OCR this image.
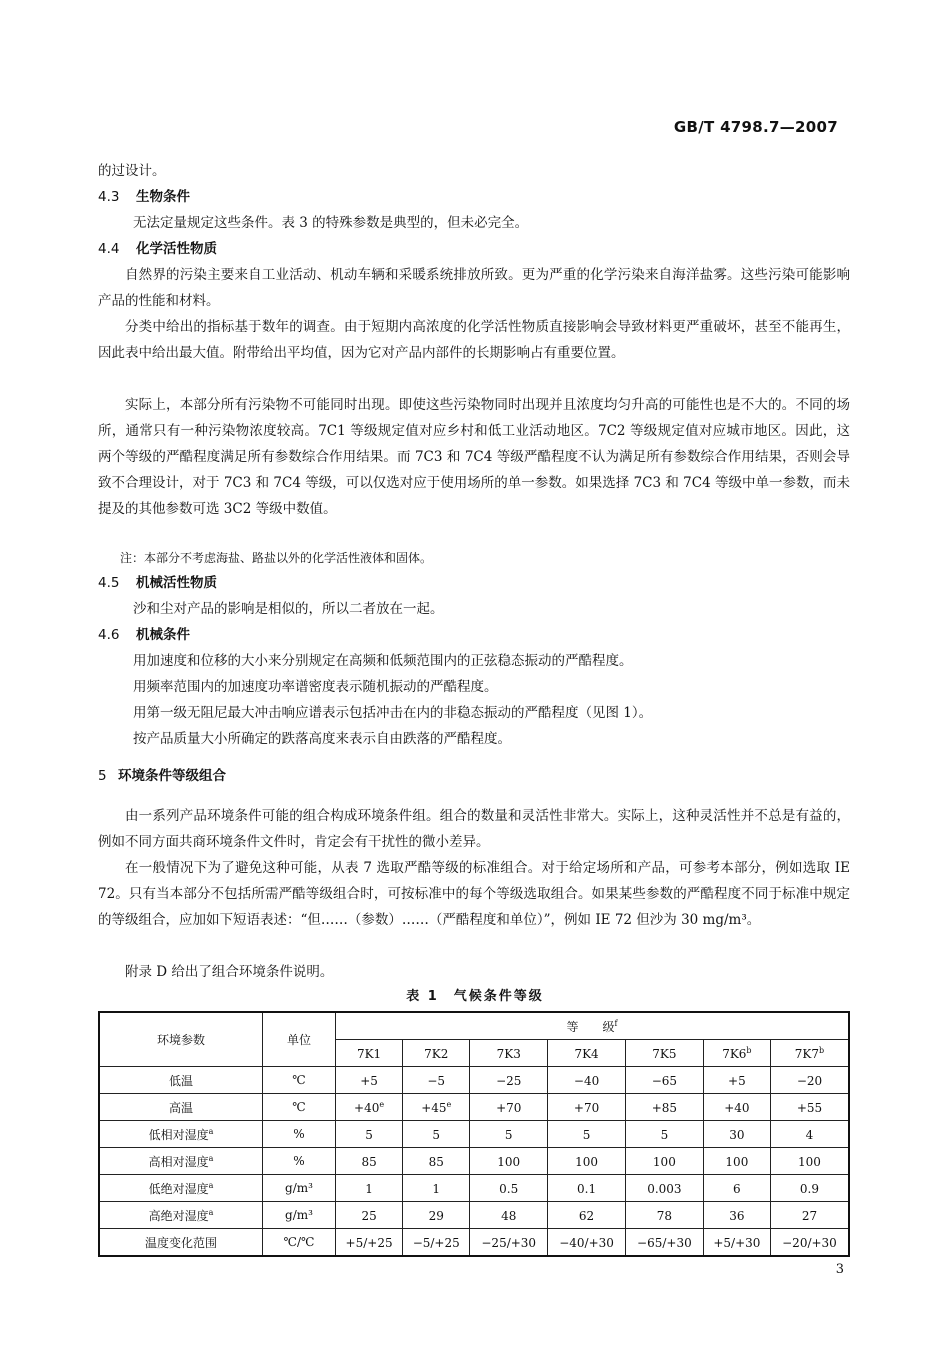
GB/T 4798.7—2007

的过设计。

4.3 生物条件

无法定量规定这些条件。表 3 的特殊参数是典型的，但未必完全。

4.4 化学活性物质

自然界的污染主要来自工业活动、机动车辆和采暖系统排放所致。更为严重的化学污染来自海洋盐雾。这些污染可能影响产品的性能和材料。

分类中给出的指标基于数年的调查。由于短期内高浓度的化学活性物质直接影响会导致材料更严重破坏，甚至不能再生，因此表中给出最大值。附带给出平均值，因为它对产品内部件的长期影响占有重要位置。

实际上，本部分所有污染物不可能同时出现。即使这些污染物同时出现并且浓度均匀升高的可能性也是不大的。不同的场所，通常只有一种污染物浓度较高。7C1 等级规定值对应乡村和低工业活动地区。7C2 等级规定值对应城市地区。因此，这两个等级的严酷程度满足所有参数综合作用结果。而 7C3 和 7C4 等级严酷程度不认为满足所有参数综合作用结果，否则会导致不合理设计，对于 7C3 和 7C4 等级，可以仅选对应于使用场所的单一参数。如果选择 7C3 和 7C4 等级中单一参数，而未提及的其他参数可选 3C2 等级中数值。

注：本部分不考虑海盐、路盐以外的化学活性液体和固体。
4.5 机械活性物质

沙和尘对产品的影响是相似的，所以二者放在一起。

4.6 机械条件

用加速度和位移的大小来分别规定在高频和低频范围内的正弦稳态振动的严酷程度。

用频率范围内的加速度功率谱密度表示随机振动的严酷程度。

用第一级无阻尼最大冲击响应谱表示包括冲击在内的非稳态振动的严酷程度（见图 1）。

按产品质量大小所确定的跌落高度来表示自由跌落的严酷程度。

5 环境条件等级组合

由一系列产品环境条件可能的组合构成环境条件组。组合的数量和灵活性非常大。实际上，这种灵活性并不总是有益的，例如不同方面共商环境条件文件时，肯定会有干扰性的微小差异。

在一般情况下为了避免这种可能，从表 7 选取严酷等级的标准组合。对于给定场所和产品，可参考本部分，例如选取 IE 72。只有当本部分不包括所需严酷等级组合时，可按标准中的每个等级选取组合。如果某些参数的严酷程度不同于标准中规定的等级组合，应加如下短语表述：“但……（参数）……（严酷程度和单位）”，例如 IE 72 但沙为 30 mg/m³。

附录 D 给出了组合环境条件说明。

表 1　气候条件等级
环境参数	单位	等　　级$^f$
		7K1	7K2	7K3	7K4	7K5	7K6$^b$	7K7$^b$
低温	℃	+5	−5	−25	−40	−65	+5	−20
高温	℃	$+40^e$	$+45^e$	+70	+70	+85	+40	+55
低相对湿度$^a$	%	5	5	5	5	5	30	4
高相对湿度$^a$	%	85	85	100	100	100	100	100
低绝对湿度$^a$	g/m³	1	1	0.5	0.1	0.003	6	0.9
高绝对湿度$^a$	g/m³	25	29	48	62	78	36	27
温度变化范围	℃/℃	+5/+25	−5/+25	−25/+30	−40/+30	−65/+30	+5/+30	−20/+30
3
